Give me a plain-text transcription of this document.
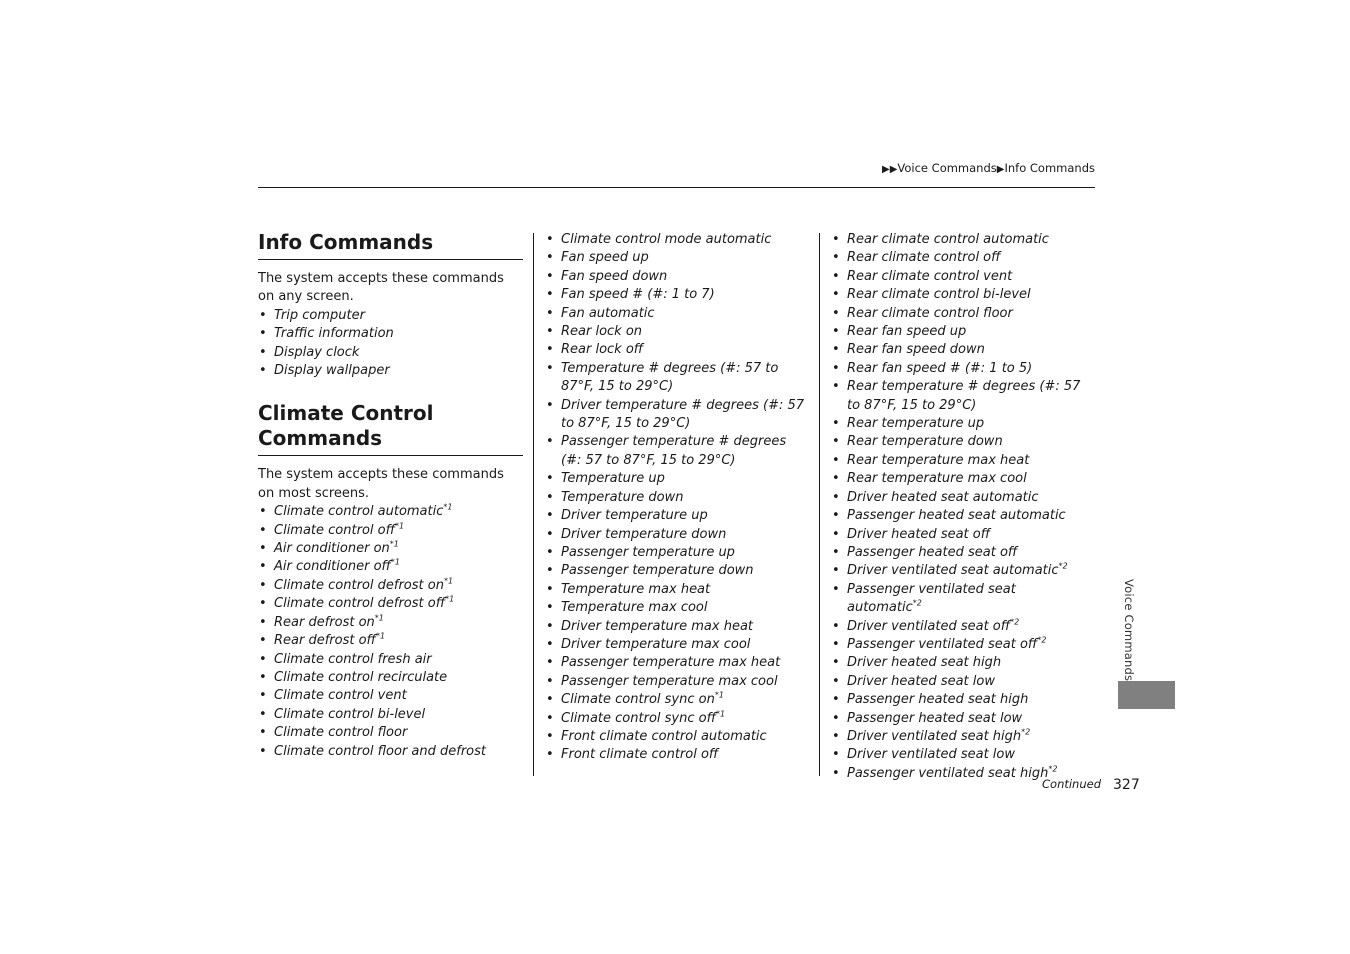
▶▶Voice Commands▶Info Commands
Info Commands

The system accepts these commands on any screen.

• Trip computer
• Traffic information
• Display clock
• Display wallpaper
Climate Control Commands

The system accepts these commands on most screens.

• Climate control automatic$^{*1}$
• Climate control off$^{*1}$
• Air conditioner $on^{*1}$
• Air conditioner off$^{*1}$
• Climate control defrost $on^{*1}$
• Climate control defrost off$^{*1}$
• Rear defrost $on^{*1}$
• Rear defrost off$^{*1}$
• Climate control fresh air
• Climate control recirculate
• Climate control vent
• Climate control bi-level
• Climate control floor
• Climate control floor and defrost
• Climate control mode automatic
• Fan speed up
• Fan speed down
• Fan speed # (#: 1 to 7)
• Fan automatic
• Rear lock on
• Rear lock off
• Temperature # degrees (#: 57 to 87°F, 15 to 29°C)
• Driver temperature # degrees (#: 57 to 87°F, 15 to 29°C)
• Passenger temperature # degrees (#: 57 to 87°F, 15 to 29°C)
• Temperature up
• Temperature down
• Driver temperature up
• Driver temperature down
• Passenger temperature up
• Passenger temperature down
• Temperature max heat
• Temperature max cool
• Driver temperature max heat
• Driver temperature max cool
• Passenger temperature max heat
• Passenger temperature max cool
• Climate control sync $on^{*1}$
• Climate control sync off$^{*1}$
• Front climate control automatic
• Front climate control off
• Rear climate control automatic
• Rear climate control off
• Rear climate control vent
• Rear climate control bi-level
• Rear climate control floor
• Rear fan speed up
• Rear fan speed down
• Rear fan speed # (#: 1 to 5)
• Rear temperature # degrees (#: 57 to 87°F, 15 to 29°C)
• Rear temperature up
• Rear temperature down
• Rear temperature max heat
• Rear temperature max cool
• Driver heated seat automatic
• Passenger heated seat automatic
• Driver heated seat off
• Passenger heated seat off
• Driver ventilated seat automatic$^{*2}$
• Passenger ventilated seat automatic$^{*2}$
• Driver ventilated seat off$^{*2}$
• Passenger ventilated seat off$^{*2}$
• Driver heated seat high
• Driver heated seat low
• Passenger heated seat high
• Passenger heated seat low
• Driver ventilated seat high$^{*2}$
• Driver ventilated seat low
• Passenger ventilated seat high$^{*2}$
Voice Commands
Continued 327
